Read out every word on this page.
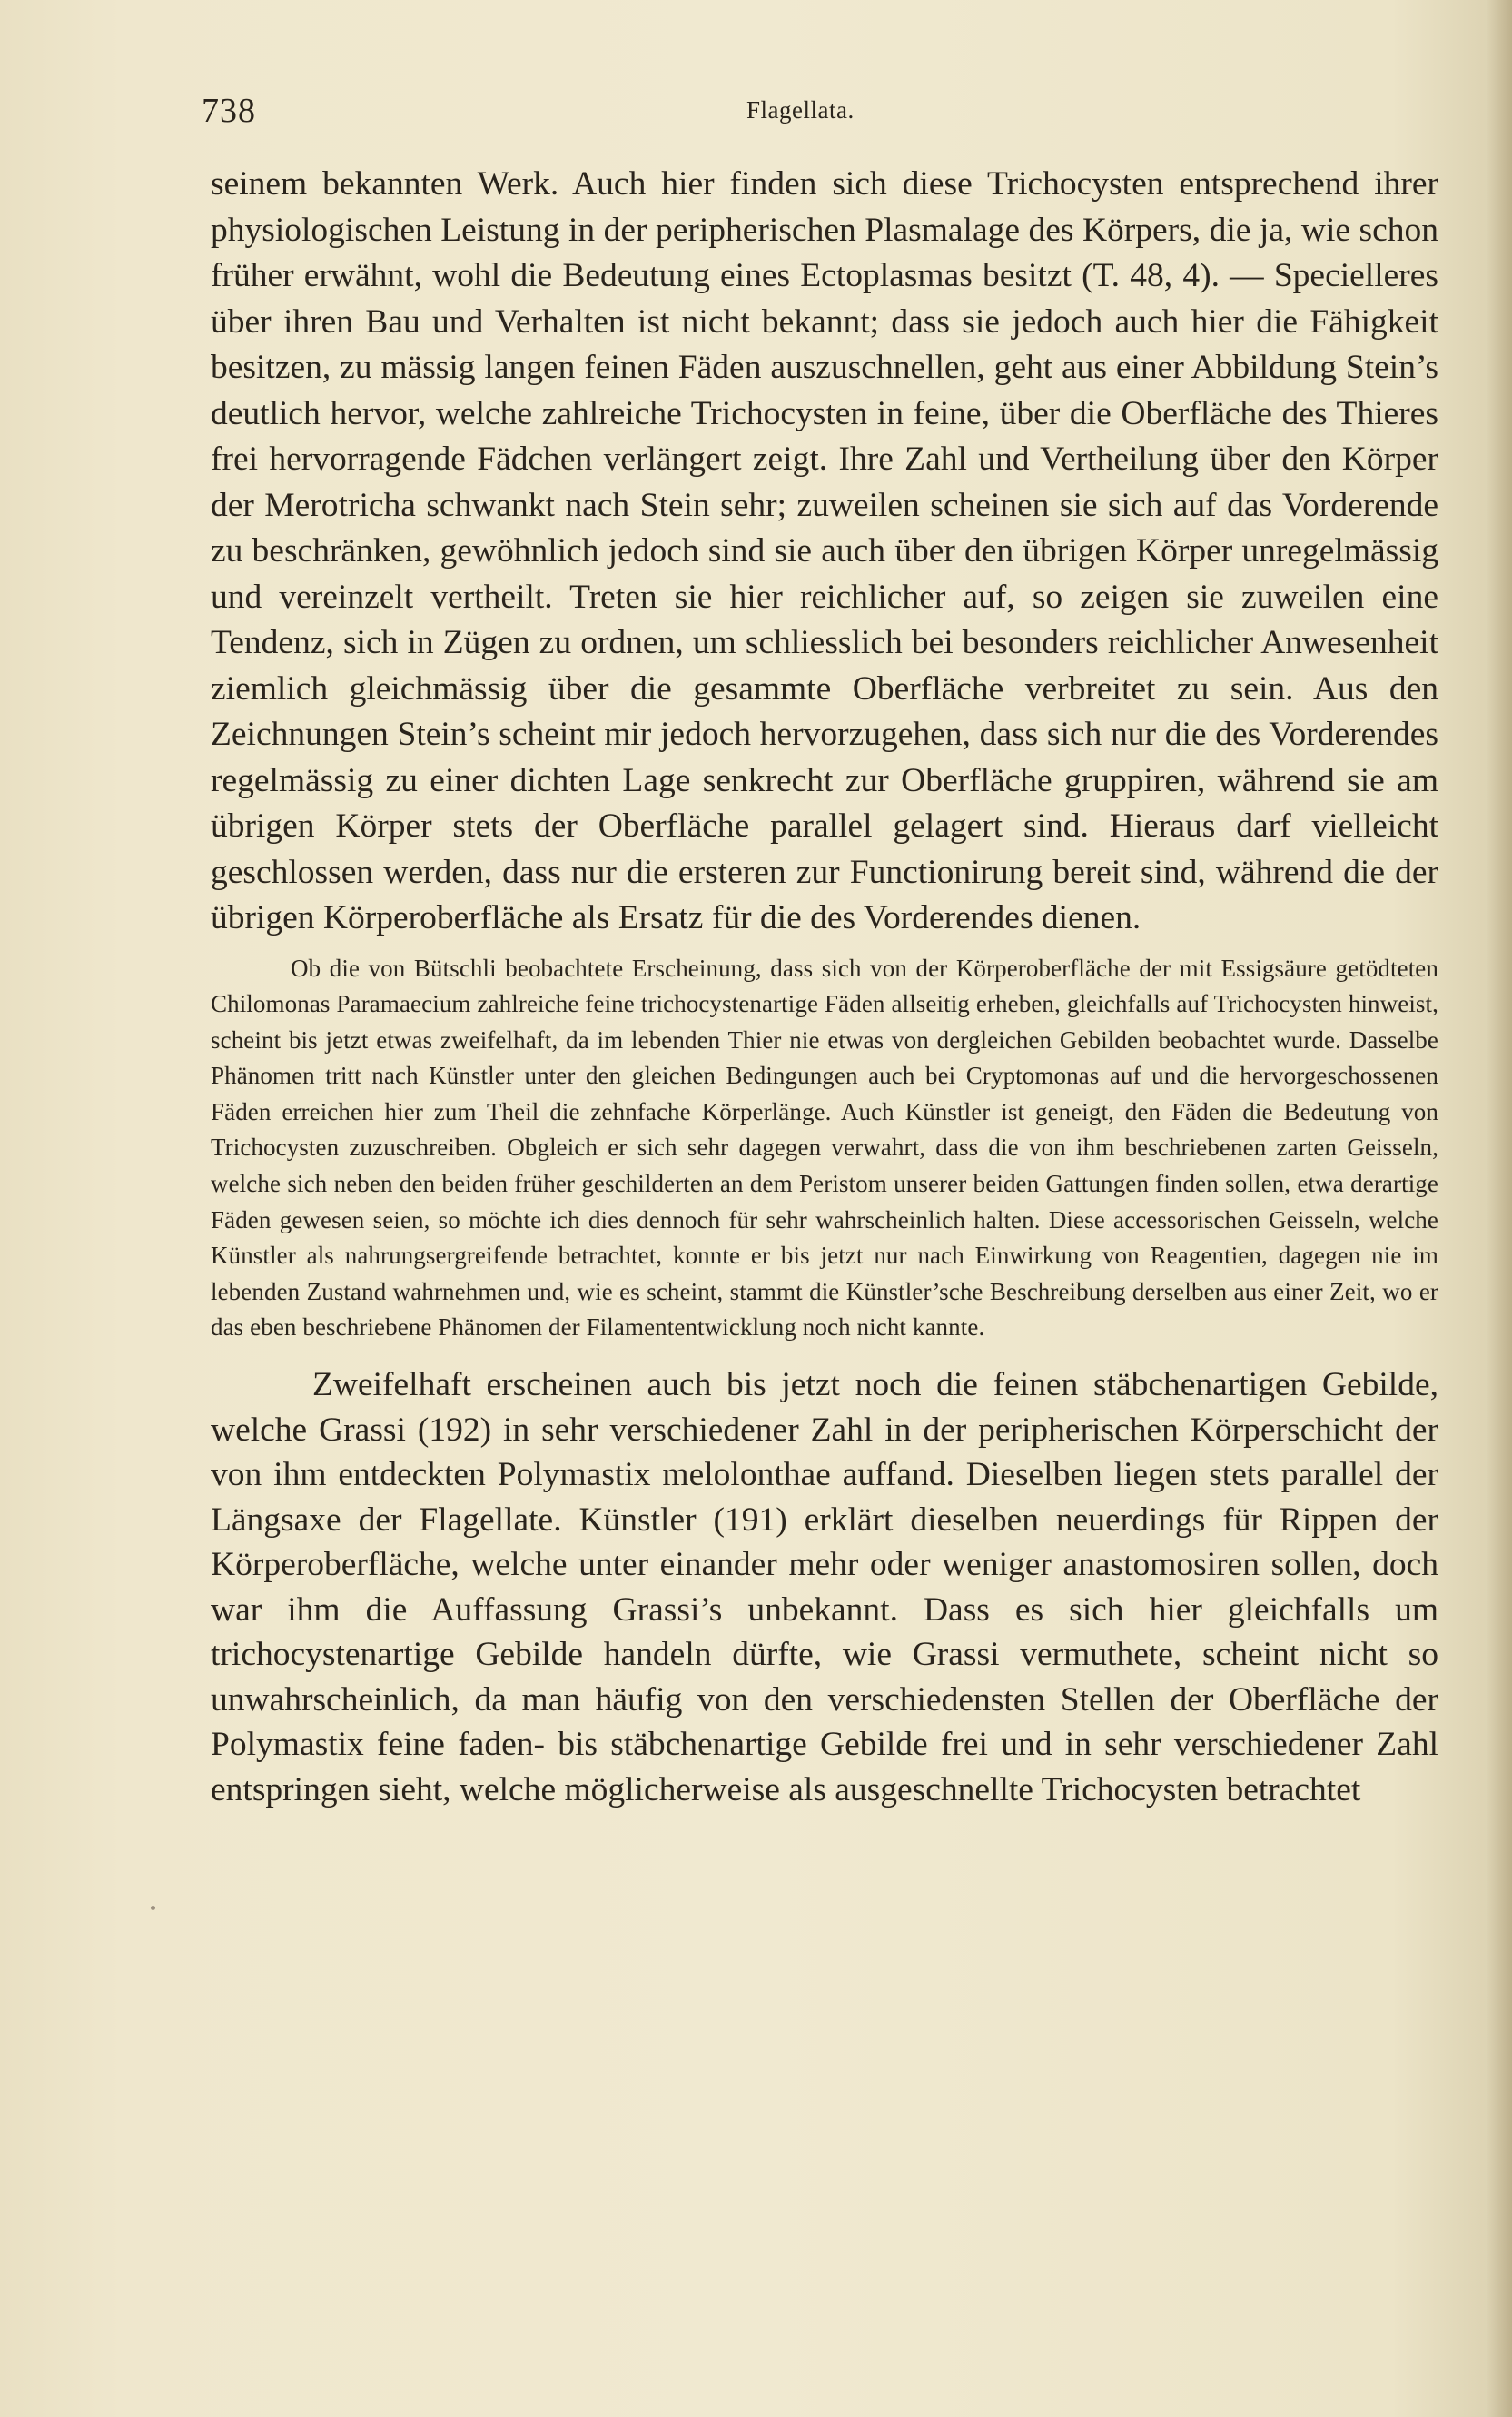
738	Flagellata.

seinem bekannten Werk. Auch hier finden sich diese Trichocysten entsprechend ihrer physiologischen Leistung in der peripherischen Plasmalage des Körpers, die ja, wie schon früher erwähnt, wohl die Bedeutung eines Ectoplasmas besitzt (T. 48, 4). — Specielleres über ihren Bau und Verhalten ist nicht bekannt; dass sie jedoch auch hier die Fähigkeit besitzen, zu mässig langen feinen Fäden auszuschnellen, geht aus einer Abbildung Stein’s deutlich hervor, welche zahlreiche Trichocysten in feine, über die Oberfläche des Thieres frei hervorragende Fädchen verlängert zeigt. Ihre Zahl und Vertheilung über den Körper der Merotricha schwankt nach Stein sehr; zuweilen scheinen sie sich auf das Vorderende zu beschränken, gewöhnlich jedoch sind sie auch über den übrigen Körper unregelmässig und vereinzelt vertheilt. Treten sie hier reichlicher auf, so zeigen sie zuweilen eine Tendenz, sich in Zügen zu ordnen, um schliesslich bei besonders reichlicher Anwesenheit ziemlich gleichmässig über die gesammte Oberfläche verbreitet zu sein. Aus den Zeichnungen Stein’s scheint mir jedoch hervorzugehen, dass sich nur die des Vorderendes regelmässig zu einer dichten Lage senkrecht zur Oberfläche gruppiren, während sie am übrigen Körper stets der Oberfläche parallel gelagert sind. Hieraus darf vielleicht geschlossen werden, dass nur die ersteren zur Functionirung bereit sind, während die der übrigen Körperoberfläche als Ersatz für die des Vorderendes dienen.

Ob die von Bütschli beobachtete Erscheinung, dass sich von der Körperoberfläche der mit Essigsäure getödteten Chilomonas Paramaecium zahlreiche feine trichocystenartige Fäden allseitig erheben, gleichfalls auf Trichocysten hinweist, scheint bis jetzt etwas zweifelhaft, da im lebenden Thier nie etwas von dergleichen Gebilden beobachtet wurde. Dasselbe Phänomen tritt nach Künstler unter den gleichen Bedingungen auch bei Cryptomonas auf und die hervorgeschossenen Fäden erreichen hier zum Theil die zehnfache Körperlänge. Auch Künstler ist geneigt, den Fäden die Bedeutung von Trichocysten zuzuschreiben. Obgleich er sich sehr dagegen verwahrt, dass die von ihm beschriebenen zarten Geisseln, welche sich neben den beiden früher geschilderten an dem Peristom unserer beiden Gattungen finden sollen, etwa derartige Fäden gewesen seien, so möchte ich dies dennoch für sehr wahrscheinlich halten. Diese accessorischen Geisseln, welche Künstler als nahrungsergreifende betrachtet, konnte er bis jetzt nur nach Einwirkung von Reagentien, dagegen nie im lebenden Zustand wahrnehmen und, wie es scheint, stammt die Künstler’sche Beschreibung derselben aus einer Zeit, wo er das eben beschriebene Phänomen der Filamententwicklung noch nicht kannte.

Zweifelhaft erscheinen auch bis jetzt noch die feinen stäbchenartigen Gebilde, welche Grassi (192) in sehr verschiedener Zahl in der peripherischen Körperschicht der von ihm entdeckten Polymastix melolonthae auffand. Dieselben liegen stets parallel der Längsaxe der Flagellate. Künstler (191) erklärt dieselben neuerdings für Rippen der Körperoberfläche, welche unter einander mehr oder weniger anastomosiren sollen, doch war ihm die Auffassung Grassi’s unbekannt. Dass es sich hier gleichfalls um trichocystenartige Gebilde handeln dürfte, wie Grassi vermuthete, scheint nicht so unwahrscheinlich, da man häufig von den verschiedensten Stellen der Oberfläche der Polymastix feine faden- bis stäbchenartige Gebilde frei und in sehr verschiedener Zahl entspringen sieht, welche möglicherweise als ausgeschnellte Trichocysten betrachtet
